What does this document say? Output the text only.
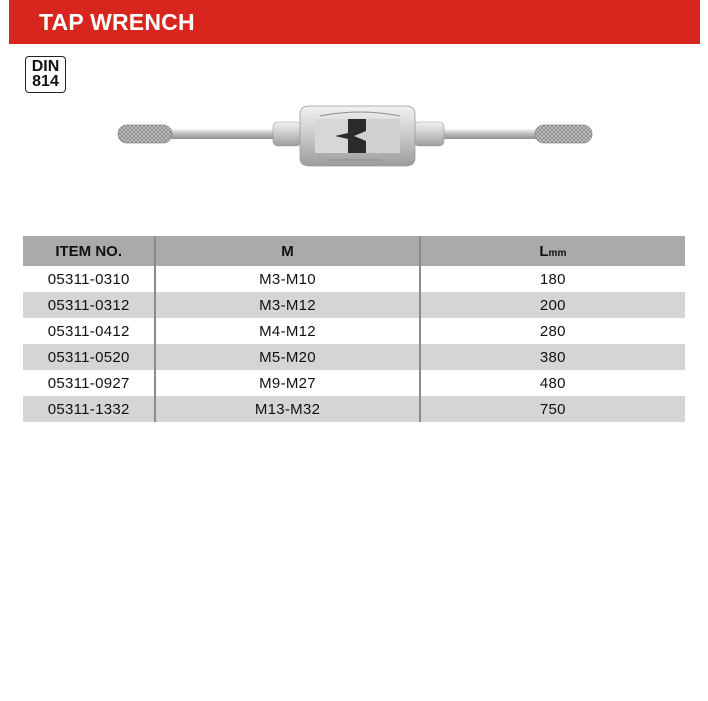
TAP WRENCH
DIN
814
ITEM NO.	M	Lmm
05311-0310	M3-M10	180
05311-0312	M3-M12	200
05311-0412	M4-M12	280
05311-0520	M5-M20	380
05311-0927	M9-M27	480
05311-1332	M13-M32	750
